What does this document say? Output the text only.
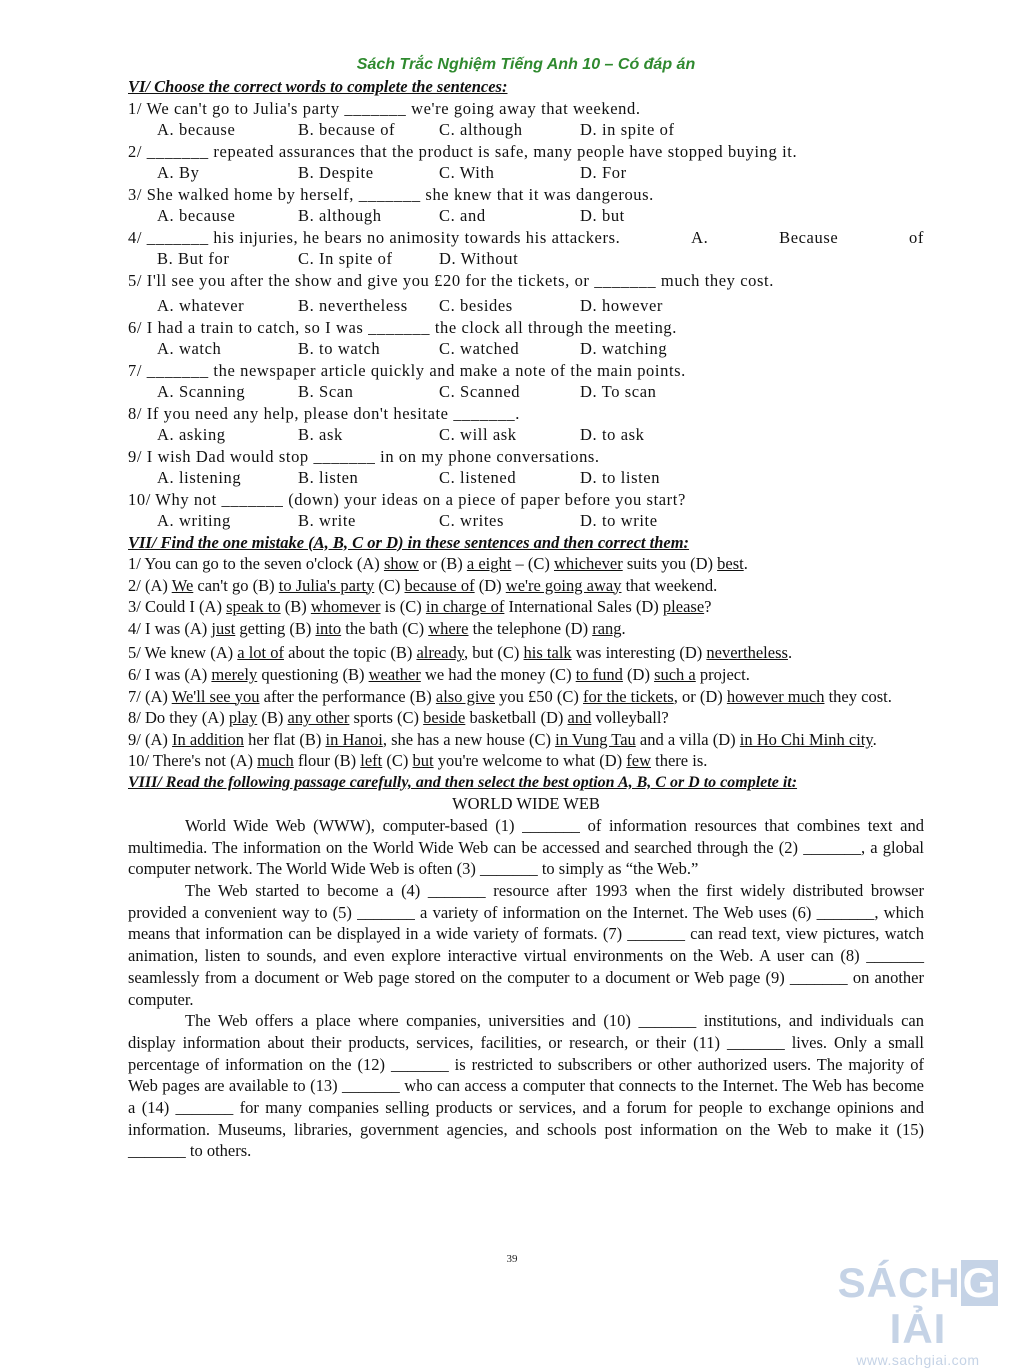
Sách Trắc Nghiệm Tiếng Anh 10 – Có đáp án
VI/ Choose the correct words to complete the sentences:
1/ We can't go to Julia's party _______ we're going away that weekend.
A. because	B. because of	C. although	D. in spite of
2/ _______ repeated assurances that the product is safe, many people have stopped buying it.
A. By	B. Despite	C. With	D. For
3/ She walked home by herself, _______ she knew that it was dangerous.
A. because	B. although	C. and	D. but
4/ _______ his injuries, he bears no animosity towards his attackers.	A.	Because	of
B. But for	C. In spite of	D. Without
5/ I'll see you after the show and give you £20 for the tickets, or _______ much they cost.
A. whatever	B. nevertheless	C. besides	D. however
6/ I had a train to catch, so I was _______ the clock all through the meeting.
A. watch	B. to watch	C. watched	D. watching
7/ _______ the newspaper article quickly and make a note of the main points.
A. Scanning	B. Scan	C. Scanned	D. To scan
8/ If you need any help, please don't hesitate _______.
A. asking	B. ask	C. will ask	D. to ask
9/ I wish Dad would stop _______ in on my phone conversations.
A. listening	B. listen	C. listened	D. to listen
10/ Why not _______ (down) your ideas on a piece of paper before you start?
A. writing	B. write	C. writes	D. to write
VII/ Find the one mistake (A, B, C or D) in these sentences and then correct them:
1/ You can go to the seven o'clock (A) show or (B) a eight – (C) whichever suits you (D) best.
2/ (A) We can't go (B) to Julia's party (C) because of (D) we're going away that weekend.
3/ Could I (A) speak to (B) whomever is (C) in charge of International Sales (D) please?
4/ I was (A) just getting (B) into the bath (C) where the telephone (D) rang.
5/ We knew (A) a lot of about the topic (B) already, but (C) his talk was interesting (D) nevertheless.
6/ I was (A) merely questioning (B) weather we had the money (C) to fund (D) such a project.
7/ (A) We'll see you after the performance (B) also give you £50 (C) for the tickets, or (D) however much they cost.
8/ Do they (A) play (B) any other sports (C) beside basketball (D) and volleyball?
9/ (A) In addition her flat (B) in Hanoi, she has a new house (C) in Vung Tau and a villa (D) in Ho Chi Minh city.
10/ There's not (A) much flour (B) left (C) but you're welcome to what (D) few there is.
VIII/ Read the following passage carefully, and then select the best option A, B, C or D to complete it:
WORLD WIDE WEB
World Wide Web (WWW), computer-based (1) _______ of information resources that combines text and multimedia. The information on the World Wide Web can be accessed and searched through the (2) _______, a global computer network. The World Wide Web is often (3) _______ to simply as “the Web.”
The Web started to become a (4) _______ resource after 1993 when the first widely distributed browser provided a convenient way to (5) _______ a variety of information on the Internet. The Web uses (6) _______, which means that information can be displayed in a wide variety of formats. (7) _______ can read text, view pictures, watch animation, listen to sounds, and even explore interactive virtual environments on the Web. A user can (8) _______ seamlessly from a document or Web page stored on the computer to a document or Web page (9) _______ on another computer.
The Web offers a place where companies, universities and (10) _______ institutions, and individuals can display information about their products, services, facilities, or research, or their (11) _______ lives. Only a small percentage of information on the (12) _______ is restricted to subscribers or other authorized users. The majority of Web pages are available to (13) _______ who can access a computer that connects to the Internet. The Web has become a (14) _______ for many companies selling products or services, and a forum for people to exchange opinions and information. Museums, libraries, government agencies, and schools post information on the Web to make it (15) _______ to others.
39	SÁCHGIẢI
www.sachgiai.com
